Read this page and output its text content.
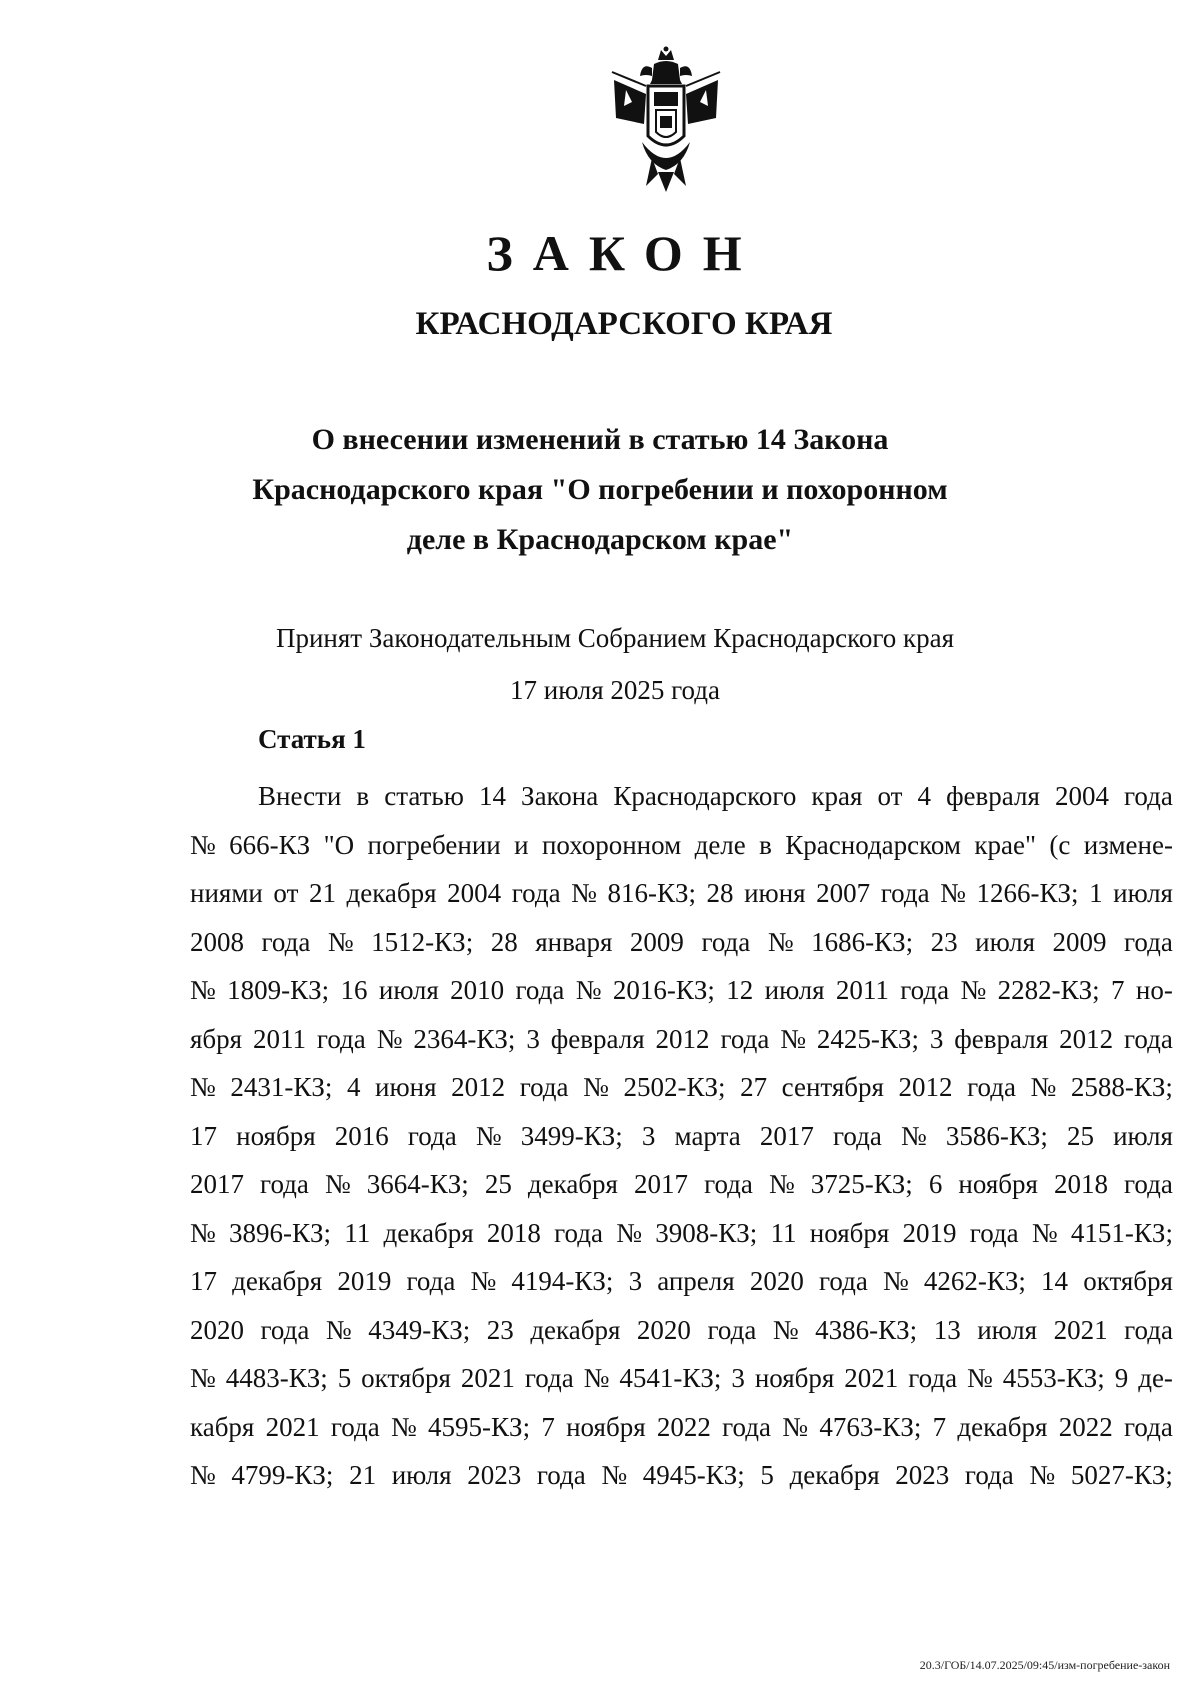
ЗАКОН
КРАСНОДАРСКОГО КРАЯ
О внесении изменений в статью 14 Закона
Краснодарского края "О погребении и похоронном
деле в Краснодарском крае"
Принят Законодательным Собранием Краснодарского края
17 июля 2025 года
Статья 1
Внести в статью 14 Закона Краснодарского края от 4 февраля 2004 года
№ 666-КЗ "О погребении и похоронном деле в Краснодарском крае" (с измене-
ниями от 21 декабря 2004 года № 816-КЗ; 28 июня 2007 года № 1266-КЗ; 1 июля
2008 года № 1512-КЗ; 28 января 2009 года № 1686-КЗ; 23 июля 2009 года
№ 1809-КЗ; 16 июля 2010 года № 2016-КЗ; 12 июля 2011 года № 2282-КЗ; 7 но-
ября 2011 года № 2364-КЗ; 3 февраля 2012 года № 2425-КЗ; 3 февраля 2012 года
№ 2431-КЗ; 4 июня 2012 года № 2502-КЗ; 27 сентября 2012 года № 2588-КЗ;
17 ноября 2016 года № 3499-КЗ; 3 марта 2017 года № 3586-КЗ; 25 июля
2017 года № 3664-КЗ; 25 декабря 2017 года № 3725-КЗ; 6 ноября 2018 года
№ 3896-КЗ; 11 декабря 2018 года № 3908-КЗ; 11 ноября 2019 года № 4151-КЗ;
17 декабря 2019 года № 4194-КЗ; 3 апреля 2020 года № 4262-КЗ; 14 октября
2020 года № 4349-КЗ; 23 декабря 2020 года № 4386-КЗ; 13 июля 2021 года
№ 4483-КЗ; 5 октября 2021 года № 4541-КЗ; 3 ноября 2021 года № 4553-КЗ; 9 де-
кабря 2021 года № 4595-КЗ; 7 ноября 2022 года № 4763-КЗ; 7 декабря 2022 года
№ 4799-КЗ; 21 июля 2023 года № 4945-КЗ; 5 декабря 2023 года № 5027-КЗ;
20.3/ГОБ/14.07.2025/09:45/изм-погребение-закон
